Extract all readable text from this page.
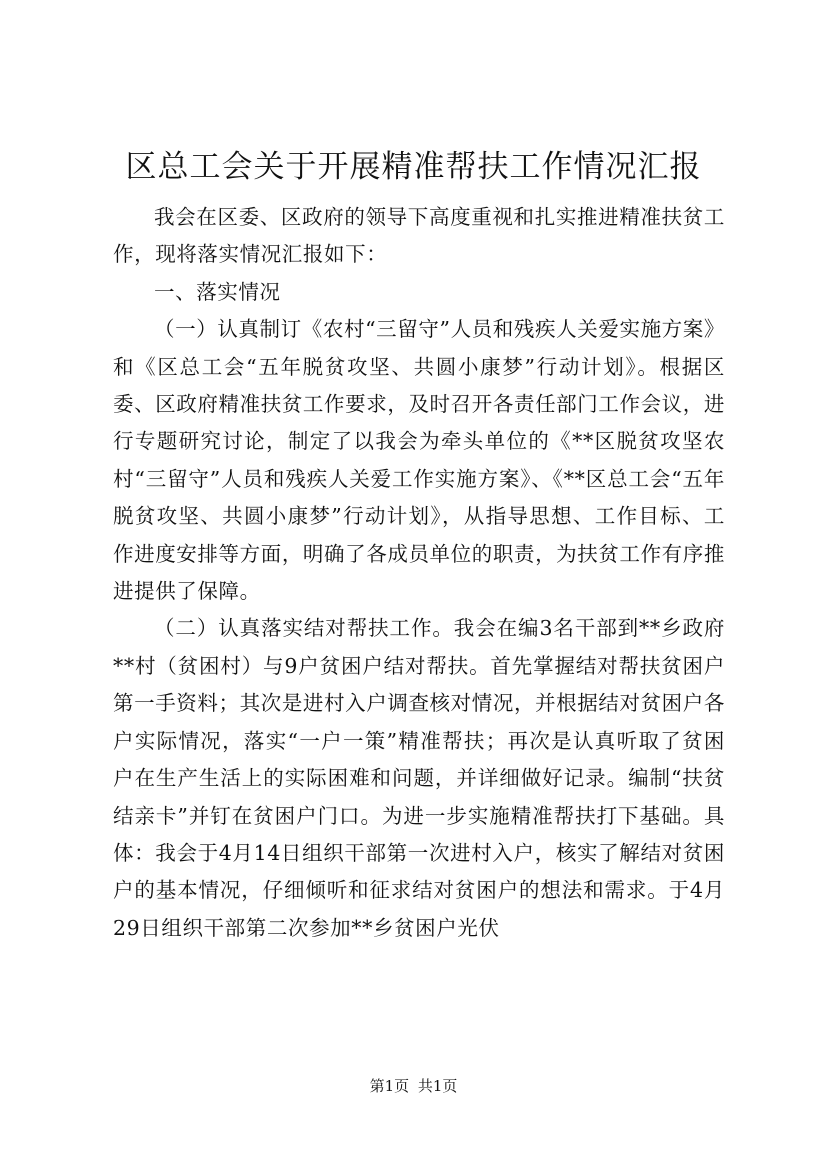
区总工会关于开展精准帮扶工作情况汇报

我会在区委、区政府的领导下高度重视和扎实推进精准扶贫工作，现将落实情况汇报如下：

一、落实情况

（一）认真制订《农村“三留守”人员和残疾人关爱实施方案》和《区总工会“五年脱贫攻坚、共圆小康梦”行动计划》。根据区委、区政府精准扶贫工作要求，及时召开各责任部门工作会议，进行专题研究讨论，制定了以我会为牵头单位的《**区脱贫攻坚农村“三留守”人员和残疾人关爱工作实施方案》、《**区总工会“五年脱贫攻坚、共圆小康梦”行动计划》，从指导思想、工作目标、工作进度安排等方面，明确了各成员单位的职责，为扶贫工作有序推进提供了保障。

（二）认真落实结对帮扶工作。我会在编3名干部到**乡政府**村（贫困村）与9户贫困户结对帮扶。首先掌握结对帮扶贫困户第一手资料；其次是进村入户调查核对情况，并根据结对贫困户各户实际情况，落实“一户一策”精准帮扶；再次是认真听取了贫困户在生产生活上的实际困难和问题，并详细做好记录。编制“扶贫结亲卡”并钉在贫困户门口。为进一步实施精准帮扶打下基础。具体：我会于4月14日组织干部第一次进村入户，核实了解结对贫困户的基本情况，仔细倾听和征求结对贫困户的想法和需求。于4月29日组织干部第二次参加**乡贫困户光伏

第1页 共1页
